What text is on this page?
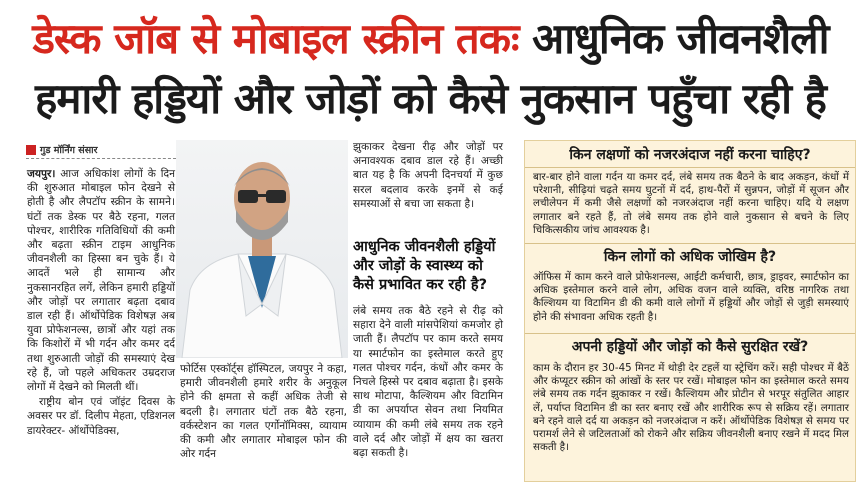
डेस्क जॉब से मोबाइल स्क्रीन तकः आधुनिक जीवनशैली
हमारी हड्डियों और जोड़ों को कैसे नुकसान पहुँचा रही है
गुड मॉर्निंग संसार

जयपुर। आज अधिकांश लोगों के दिन की शुरुआत मोबाइल फोन देखने से होती है और लैपटॉप स्क्रीन के सामने। घंटों तक डेस्क पर बैठे रहना, गलत पोश्चर, शारीरिक गतिविधियों की कमी और बढ़ता स्क्रीन टाइम आधुनिक जीवनशैली का हिस्सा बन चुके हैं। ये आदतें भले ही सामान्य और नुकसानरहित लगें, लेकिन हमारी हड्डियों और जोड़ों पर लगातार बढ़ता दबाव डाल रही हैं। ऑर्थोपेडिक विशेषज्ञ अब युवा प्रोफेशनल्स, छात्रों और यहां तक कि किशोरों में भी गर्दन और कमर दर्द तथा शुरुआती जोड़ों की समस्याएं देख रहे हैं, जो पहले अधिकतर उम्रदराज लोगों में देखने को मिलती थीं।

राष्ट्रीय बोन एवं जॉइंट दिवस के अवसर पर डॉ. दिलीप मेहता, एडिशनल डायरेक्टर- ऑर्थोपेडिक्स,

फोर्टिस एस्कॉर्ट्स हॉस्पिटल, जयपुर ने कहा, हमारी जीवनशैली हमारे शरीर के अनुकूल होने की क्षमता से कहीं अधिक तेजी से बदली है। लगातार घंटों तक बैठे रहना, वर्कस्टेशन का गलत एर्गोनॉमिक्स, व्यायाम की कमी और लगातार मोबाइल फोन की ओर गर्दन
झुकाकर देखना रीढ़ और जोड़ों पर अनावश्यक दबाव डाल रहे हैं। अच्छी बात यह है कि अपनी दिनचर्या में कुछ सरल बदलाव करके इनमें से कई समस्याओं से बचा जा सकता है।
आधुनिक जीवनशैली हड्डियों और जोड़ों के स्वास्थ्य को कैसे प्रभावित कर रही है?
लंबे समय तक बैठे रहने से रीढ़ को सहारा देने वाली मांसपेशियां कमजोर हो जाती हैं। लैपटॉप पर काम करते समय या स्मार्टफोन का इस्तेमाल करते हुए गलत पोश्चर गर्दन, कंधों और कमर के निचले हिस्से पर दबाव बढ़ाता है। इसके साथ मोटापा, कैल्शियम और विटामिन डी का अपर्याप्त सेवन तथा नियमित व्यायाम की कमी लंबे समय तक रहने वाले दर्द और जोड़ों में क्षय का खतरा बढ़ा सकती है।
किन लक्षणों को नजरअंदाज नहीं करना चाहिए?
बार-बार होने वाला गर्दन या कमर दर्द, लंबे समय तक बैठने के बाद अकड़न, कंधों में परेशानी, सीढ़ियां चढ़ते समय घुटनों में दर्द, हाथ-पैरों में सुन्नपन, जोड़ों में सूजन और लचीलेपन में कमी जैसे लक्षणों को नजरअंदाज नहीं करना चाहिए। यदि ये लक्षण लगातार बने रहते हैं, तो लंबे समय तक होने वाले नुकसान से बचने के लिए चिकित्सकीय जांच आवश्यक है।
किन लोगों को अधिक जोखिम है?
ऑफिस में काम करने वाले प्रोफेशनल्स, आईटी कर्मचारी, छात्र, ड्राइवर, स्मार्टफोन का अधिक इस्तेमाल करने वाले लोग, अधिक वजन वाले व्यक्ति, वरिष्ठ नागरिक तथा कैल्शियम या विटामिन डी की कमी वाले लोगों में हड्डियों और जोड़ों से जुड़ी समस्याएं होने की संभावना अधिक रहती है।
अपनी हड्डियों और जोड़ों को कैसे सुरक्षित रखें?
काम के दौरान हर 30-45 मिनट में थोड़ी देर टहलें या स्ट्रेचिंग करें। सही पोश्चर में बैठें और कंप्यूटर स्क्रीन को आंखों के स्तर पर रखें। मोबाइल फोन का इस्तेमाल करते समय लंबे समय तक गर्दन झुकाकर न रखें। कैल्शियम और प्रोटीन से भरपूर संतुलित आहार लें, पर्याप्त विटामिन डी का स्तर बनाए रखें और शारीरिक रूप से सक्रिय रहें। लगातार बने रहने वाले दर्द या अकड़न को नजरअंदाज न करें। ऑर्थोपेडिक विशेषज्ञ से समय पर परामर्श लेने से जटिलताओं को रोकने और सक्रिय जीवनशैली बनाए रखने में मदद मिल सकती है।
